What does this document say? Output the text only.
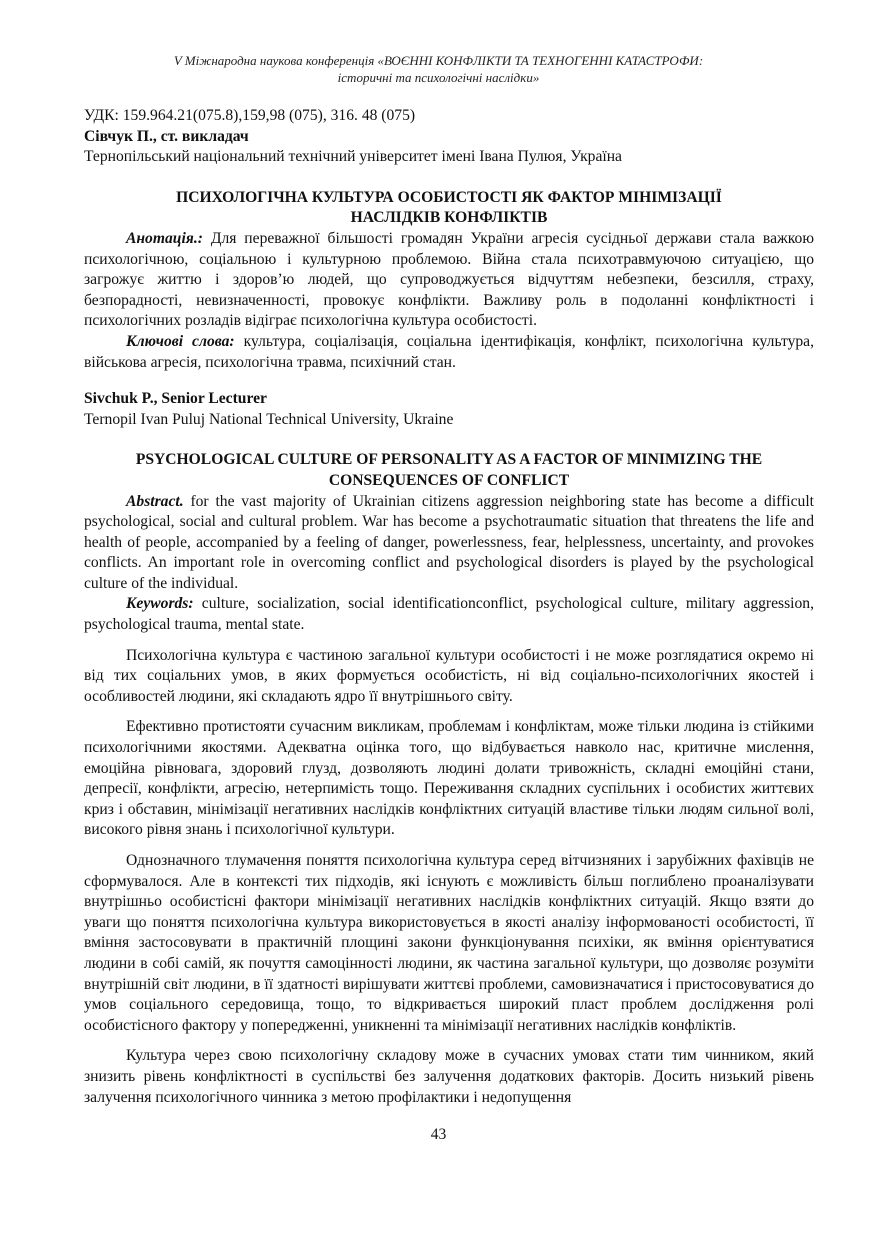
V Міжнародна наукова конференція «ВОЄННІ КОНФЛІКТИ ТА ТЕХНОГЕННІ КАТАСТРОФИ:
історичні та психологічні наслідки»

УДК: 159.964.21(075.8),159,98 (075), 316. 48 (075)

Сівчук П., ст. викладач

Тернопільський національний технічний університет імені Івана Пулюя, Україна

ПСИХОЛОГІЧНА КУЛЬТУРА ОСОБИСТОСТІ ЯК ФАКТОР МІНІМІЗАЦІЇ
НАСЛІДКІВ КОНФЛІКТІВ

Анотація.: Для переважної більшості громадян України агресія сусідньої держави стала важкою психологічною, соціальною і культурною проблемою. Війна стала психотравмуючою ситуацією, що загрожує життю і здоров’ю людей, що супроводжується відчуттям небезпеки, безсилля, страху, безпорадності, невизначенності, провокує конфлікти. Важливу роль в подоланні конфліктності і психологічних розладів відіграє психологічна культура особистості.

Ключові слова: культура, соціалізація, соціальна ідентифікація, конфлікт, психологічна культура, військова агресія, психологічна травма, психічний стан.

Sivchuk P., Senior Lecturer

Ternopil Ivan Puluj National Technical University, Ukraine

PSYCHOLOGICAL CULTURE OF PERSONALITY AS A FACTOR OF MINIMIZING THE
CONSEQUENCES OF CONFLICT

Abstract. for the vast majority of Ukrainian citizens aggression neighboring state has become a difficult psychological, social and cultural problem. War has become a psychotraumatic situation that threatens the life and health of people, accompanied by a feeling of danger, powerlessness, fear, helplessness, uncertainty, and provokes conflicts. An important role in overcoming conflict and psychological disorders is played by the psychological culture of the individual.

Keywords: culture, socialization, social identificationconflict, psychological culture, military aggression, psychological trauma, mental state.

Психологічна культура є частиною загальної культури особистості і не може розглядатися окремо ні від тих соціальних умов, в яких формується особистість, ні від соціально-психологічних якостей і особливостей людини, які складають ядро її внутрішнього світу.

Ефективно протистояти сучасним викликам, проблемам і конфліктам, може тільки людина із стійкими психологічними якостями. Адекватна оцінка того, що відбувається навколо нас, критичне мислення, емоційна рівновага, здоровий глузд, дозволяють людині долати тривожність, складні емоційні стани, депресії, конфлікти, агресію, нетерпимість тощо. Переживання складних суспільних і особистих життєвих криз і обставин, мінімізації негативних наслідків конфліктних ситуацій властиве тільки людям сильної волі, високого рівня знань і психологічної культури.

Однозначного тлумачення поняття психологічна культура серед вітчизняних і зарубіжних фахівців не сформувалося. Але в контексті тих підходів, які існують є можливість більш поглиблено проаналізувати внутрішньо особистісні фактори мінімізації негативних наслідків конфліктних ситуацій. Якщо взяти до уваги що поняття психологічна культура використовується в якості аналізу інформованості особистості, її вміння застосовувати в практичній площині закони функціонування психіки, як вміння орієнтуватися людини в собі самій, як почуття самоцінності людини, як частина загальної культури, що дозволяє розуміти внутрішній світ людини, в її здатності вирішувати життєві проблеми, самовизначатися і пристосовуватися до умов соціального середовища, тощо, то відкривається широкий пласт проблем дослідження ролі особистісного фактору у попередженні, уникненні та мінімізації негативних наслідків конфліктів.

Культура через свою психологічну складову може в сучасних умовах стати тим чинником, який знизить рівень конфліктності в суспільстві без залучення додаткових факторів. Досить низький рівень залучення психологічного чинника з метою профілактики і недопущення

43
